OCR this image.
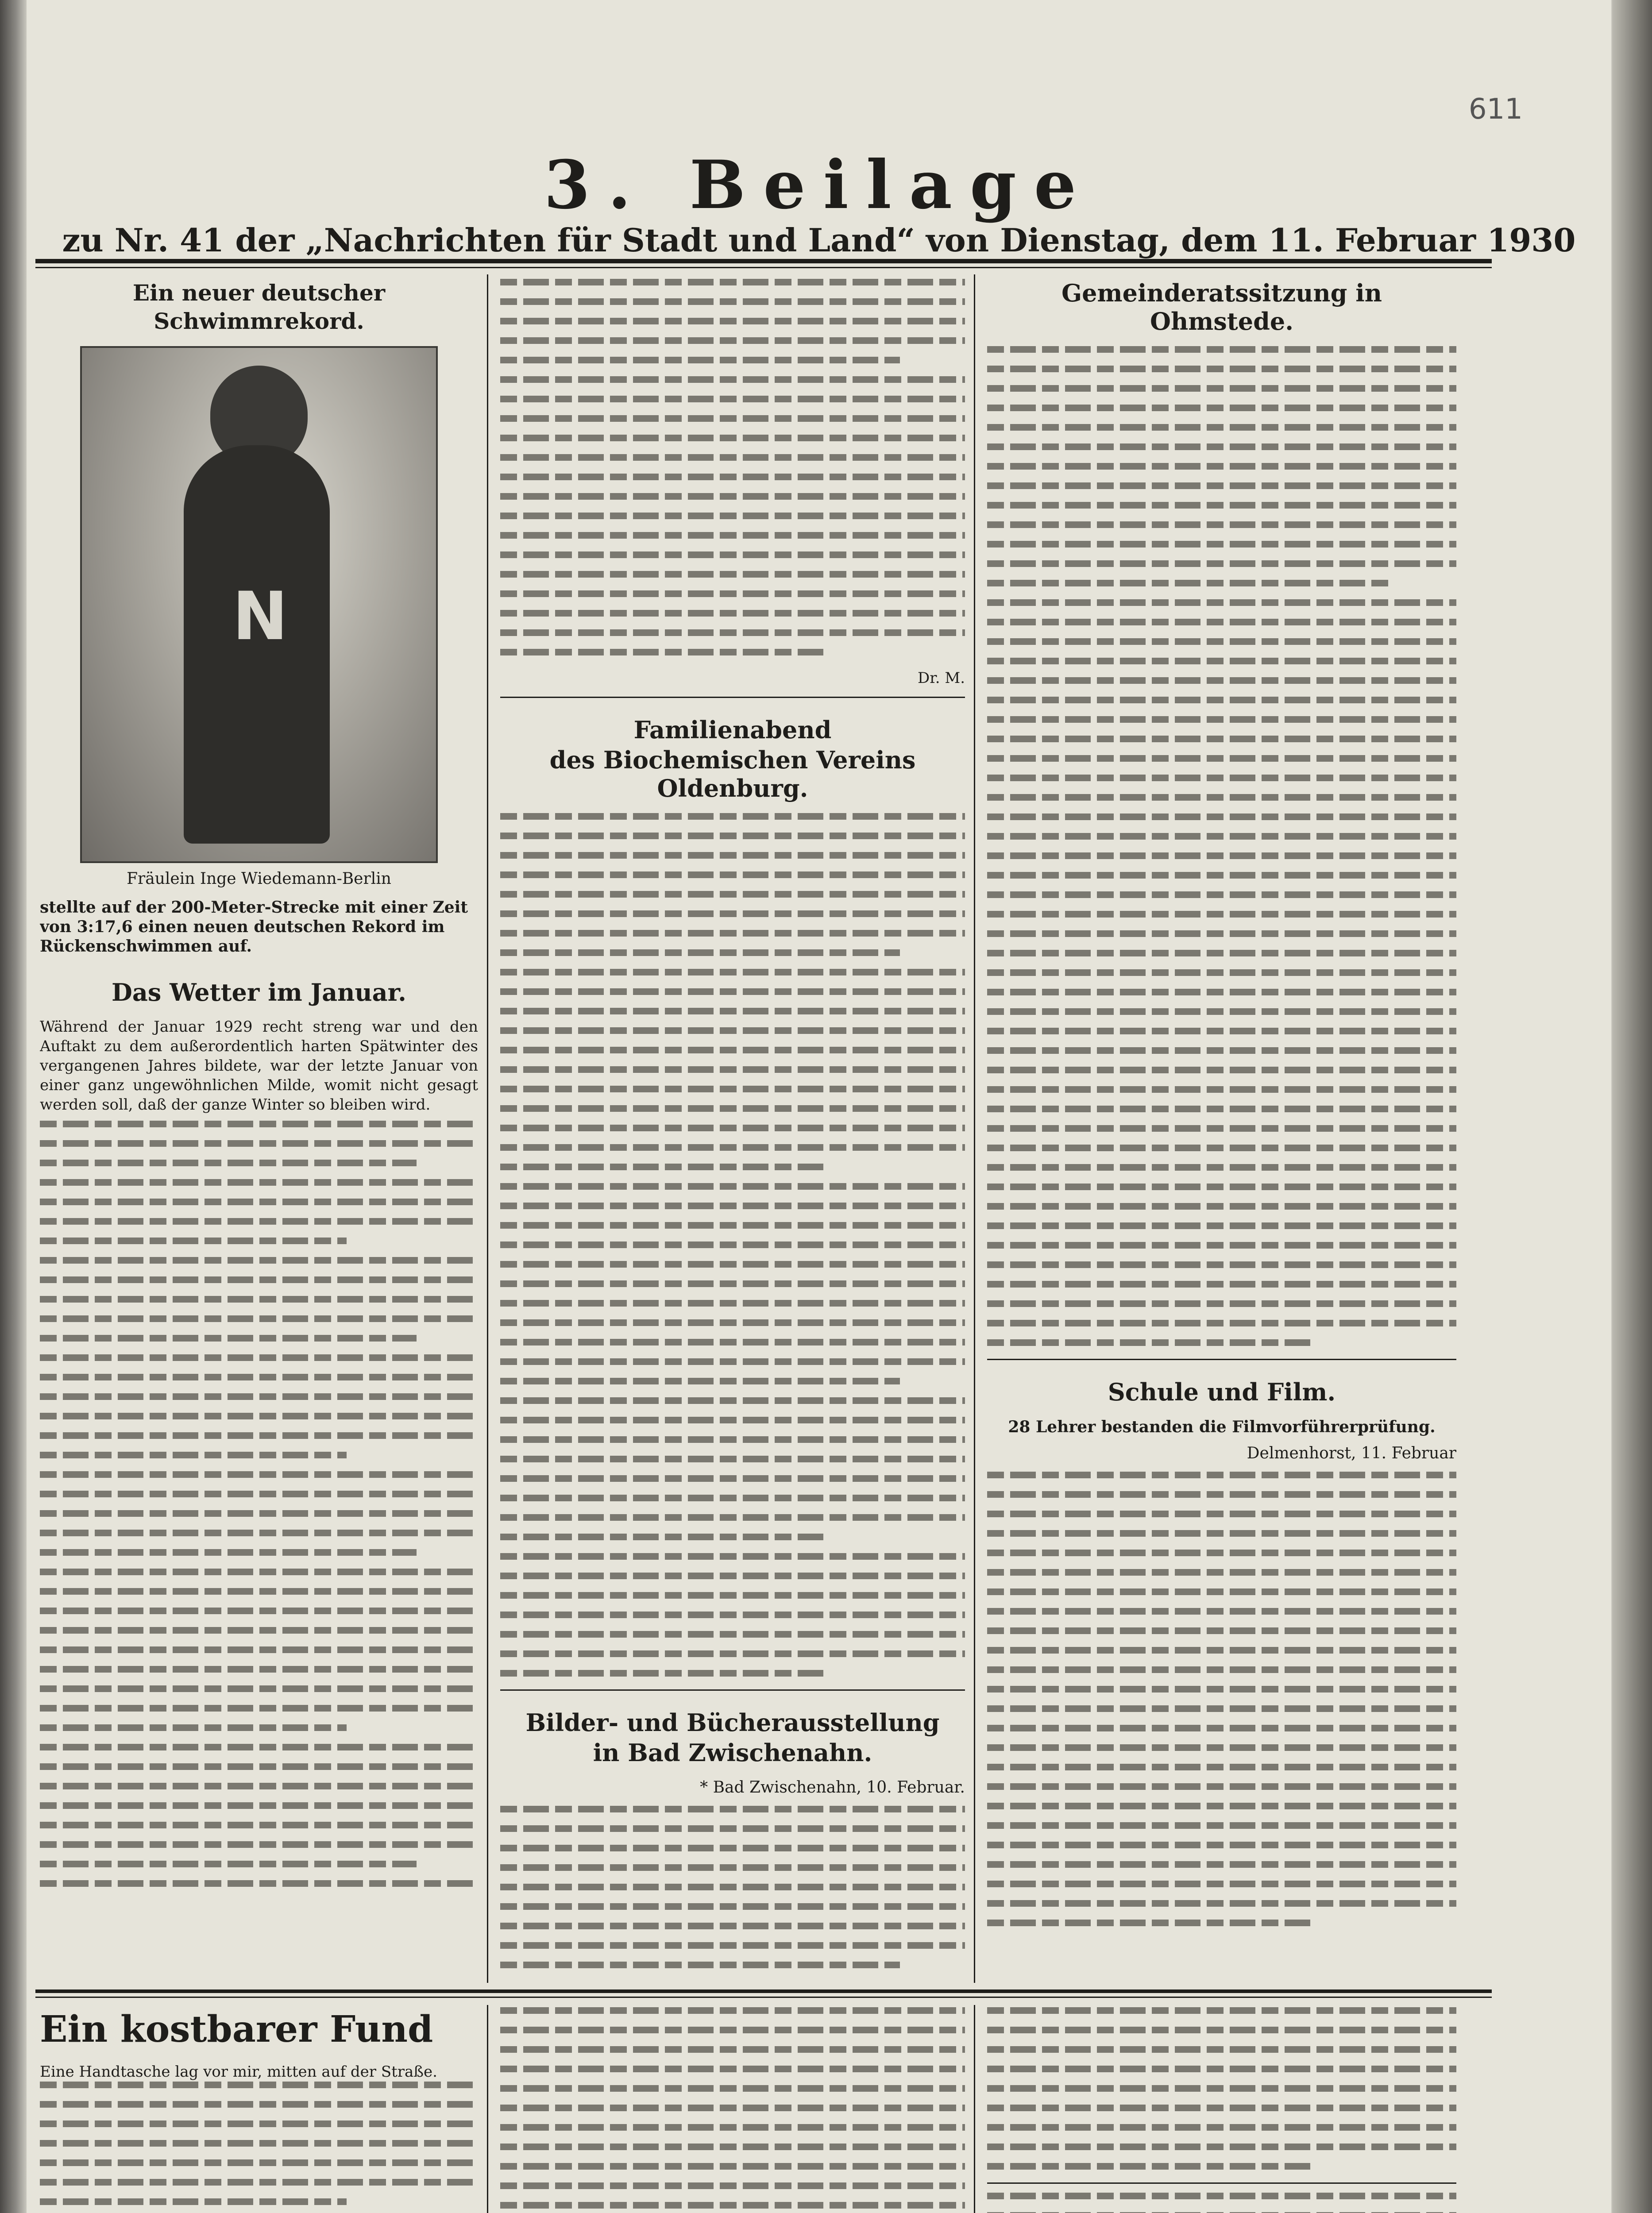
611
3. Beilage
zu Nr. 41 der „Nachrichten für Stadt und Land“ von Dienstag, dem 11. Februar 1930
Ein neuer deutscher Schwimmrekord.
N
Fräulein Inge Wiedemann-Berlin
stellte auf der 200-Meter-Strecke mit einer Zeit von 3:17,6 einen neuen deutschen Rekord im Rückenschwimmen auf.
Das Wetter im Januar.
Während der Januar 1929 recht streng war und den Auftakt zu dem außerordentlich harten Spätwinter des vergangenen Jahres bildete, war der letzte Januar von einer ganz ungewöhnlichen Milde, womit nicht gesagt werden soll, daß der ganze Winter so bleiben wird.
Dr. M.
Familienabend
des Biochemischen Vereins Oldenburg.
Bilder- und Bücherausstellung
in Bad Zwischenahn.
* Bad Zwischenahn, 10. Februar.
Gemeinderatssitzung in Ohmstede.
Schule und Film.
28 Lehrer bestanden die Filmvorführerprüfung.
Delmenhorst, 11. Februar
Ein kostbarer Fund
Eine Handtasche lag vor mir, mitten auf der Straße.
